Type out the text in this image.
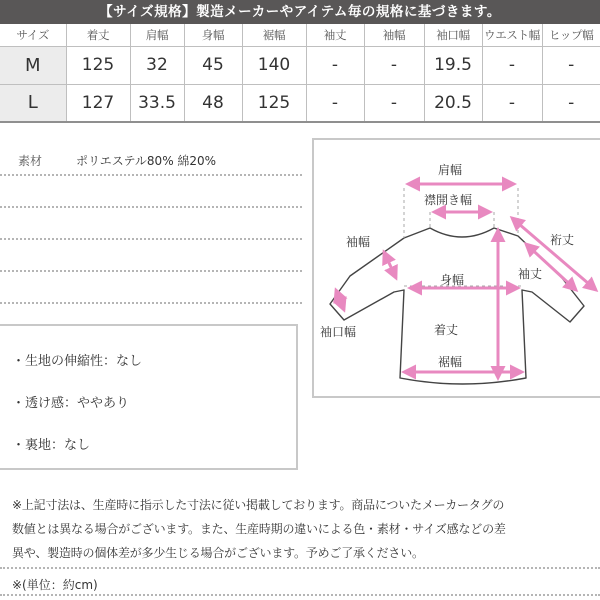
【サイズ規格】製造メーカーやアイテム毎の規格に基づきます。
サイズ	着丈	肩幅	身幅	裾幅	袖丈	袖幅	袖口幅	ウエスト幅	ヒップ幅
M	125	32	45	140	-	-	19.5	-	-
L	127	33.5	48	125	-	-	20.5	-	-
素材	ポリエステル80% 綿20%
・生地の伸縮性：なし
・透け感：ややあり
・裏地：なし
肩幅
襟開き幅
裄丈
袖丈
袖幅
身幅
袖口幅	着丈
裾幅
※上記寸法は、生産時に指示した寸法に従い掲載しております。商品についたメーカータグの
数値とは異なる場合がございます。また、生産時期の違いによる色・素材・サイズ感などの差
異や、製造時の個体差が多少生じる場合がございます。予めご了承ください。
※(単位：約cm)
